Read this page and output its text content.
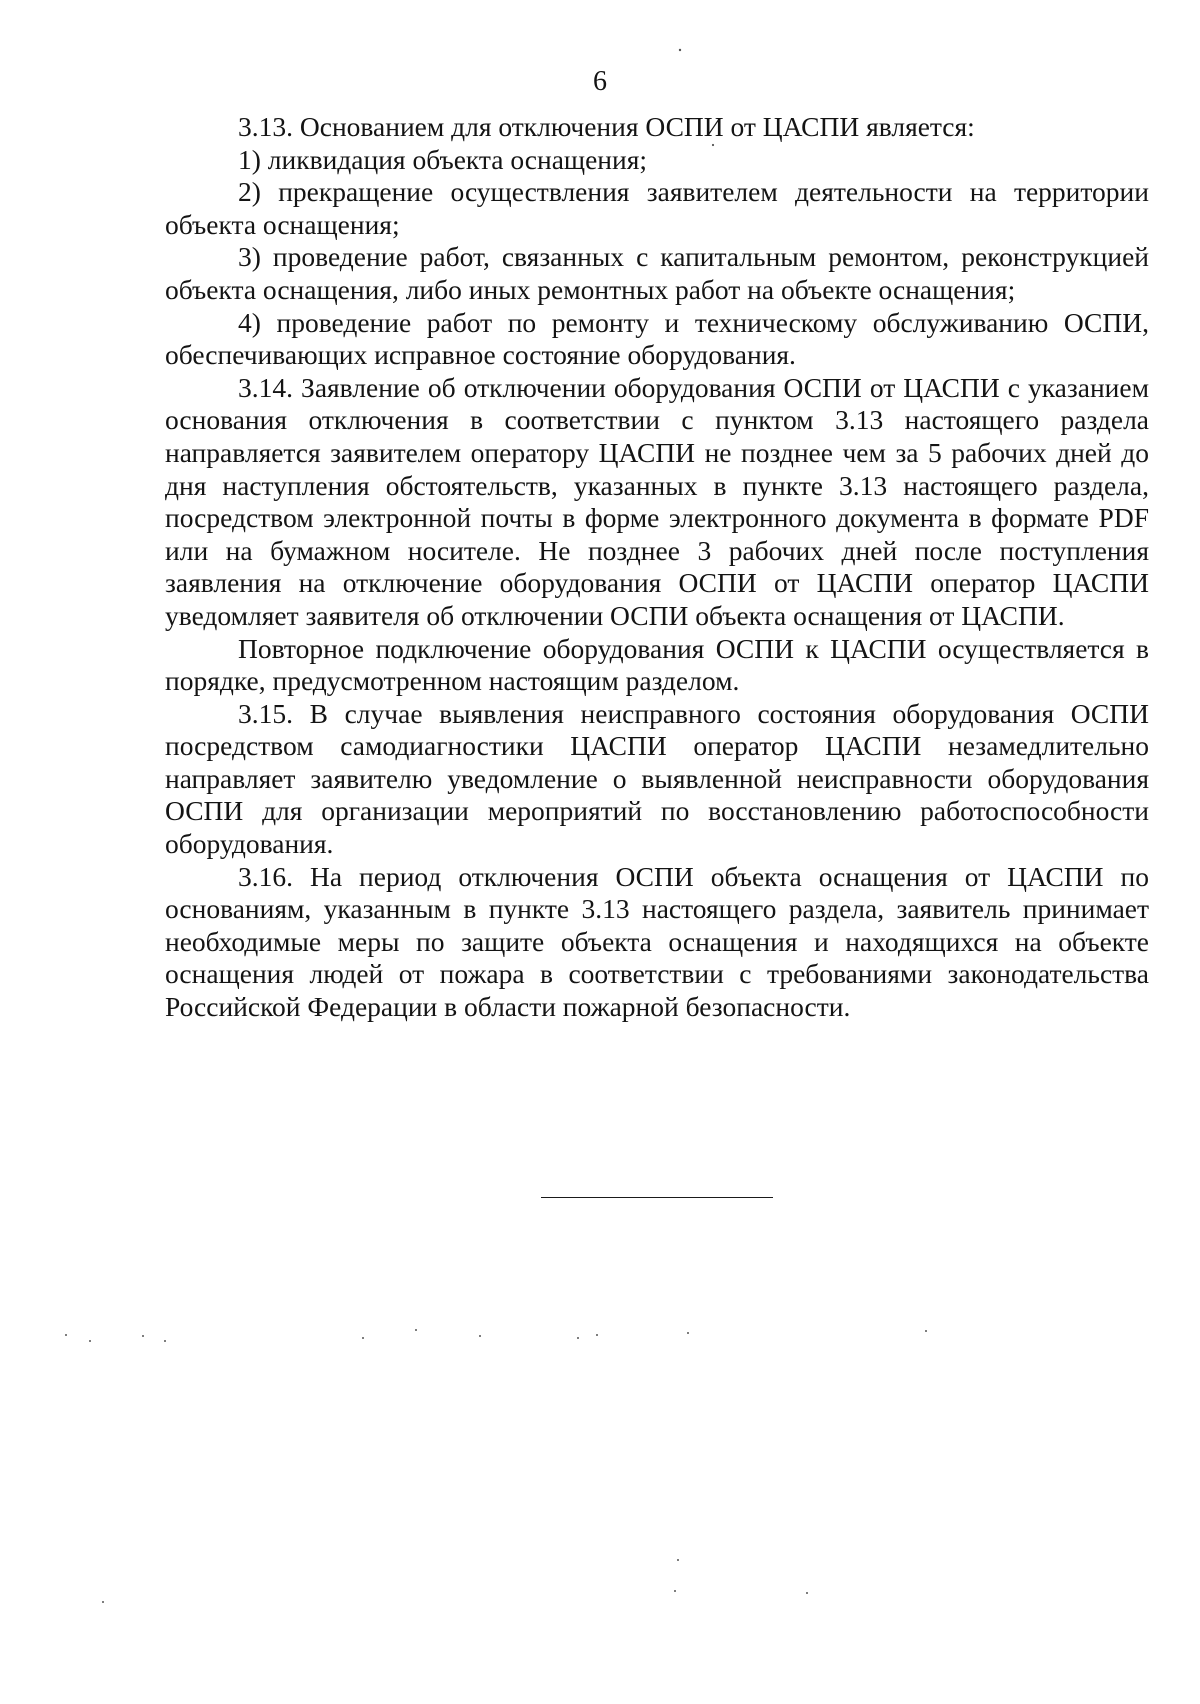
6

3.13. Основанием для отключения ОСПИ от ЦАСПИ является:

1) ликвидация объекта оснащения;

2) прекращение осуществления заявителем деятельности на территории объекта оснащения;

3) проведение работ, связанных с капитальным ремонтом, реконструкцией объекта оснащения, либо иных ремонтных работ на объекте оснащения;

4) проведение работ по ремонту и техническому обслуживанию ОСПИ, обеспечивающих исправное состояние оборудования.

3.14. Заявление об отключении оборудования ОСПИ от ЦАСПИ с указанием основания отключения в соответствии с пунктом 3.13 настоящего раздела направляется заявителем оператору ЦАСПИ не позднее чем за 5 рабочих дней до дня наступления обстоятельств, указанных в пункте 3.13 настоящего раздела, посредством электронной почты в форме электронного документа в формате PDF или на бумажном носителе. Не позднее 3 рабочих дней после поступления заявления на отключение оборудования ОСПИ от ЦАСПИ оператор ЦАСПИ уведомляет заявителя об отключении ОСПИ объекта оснащения от ЦАСПИ.

Повторное подключение оборудования ОСПИ к ЦАСПИ осуществляется в порядке, предусмотренном настоящим разделом.

3.15. В случае выявления неисправного состояния оборудования ОСПИ посредством самодиагностики ЦАСПИ оператор ЦАСПИ незамедлительно направляет заявителю уведомление о выявленной неисправности оборудования ОСПИ для организации мероприятий по восстановлению работоспособности оборудования.

3.16. На период отключения ОСПИ объекта оснащения от ЦАСПИ по основаниям, указанным в пункте 3.13 настоящего раздела, заявитель принимает необходимые меры по защите объекта оснащения и находящихся на объекте оснащения людей от пожара в соответствии с требованиями законодательства Российской Федерации в области пожарной безопасности.
